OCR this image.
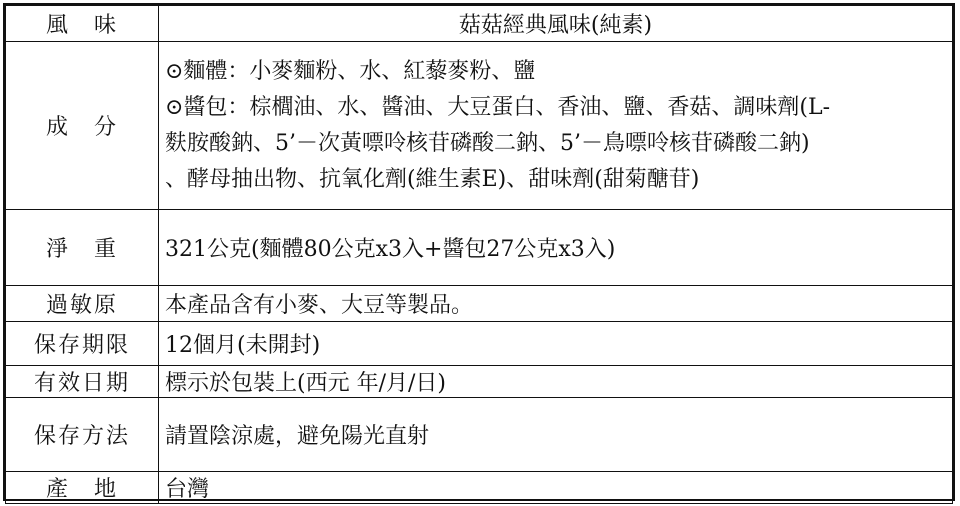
風　味	菇菇經典風味(純素)
成　分	⊙麵體：小麥麵粉、水、紅藜麥粉、鹽
⊙醬包：棕櫚油、水、醬油、大豆蛋白、香油、鹽、香菇、調味劑(L-
麩胺酸鈉、5’－次黃嘌呤核苷磷酸二鈉、5’－鳥嘌呤核苷磷酸二鈉)
、酵母抽出物、抗氧化劑(維生素E)、甜味劑(甜菊醣苷)

淨　重	321公克(麵體80公克x3入+醬包27公克x3入)
過敏原	本產品含有小麥、大豆等製品。
保存期限	12個月(未開封)
有效日期	標示於包裝上(西元 年/月/日)
保存方法	請置陰涼處，避免陽光直射
產　地	台灣
